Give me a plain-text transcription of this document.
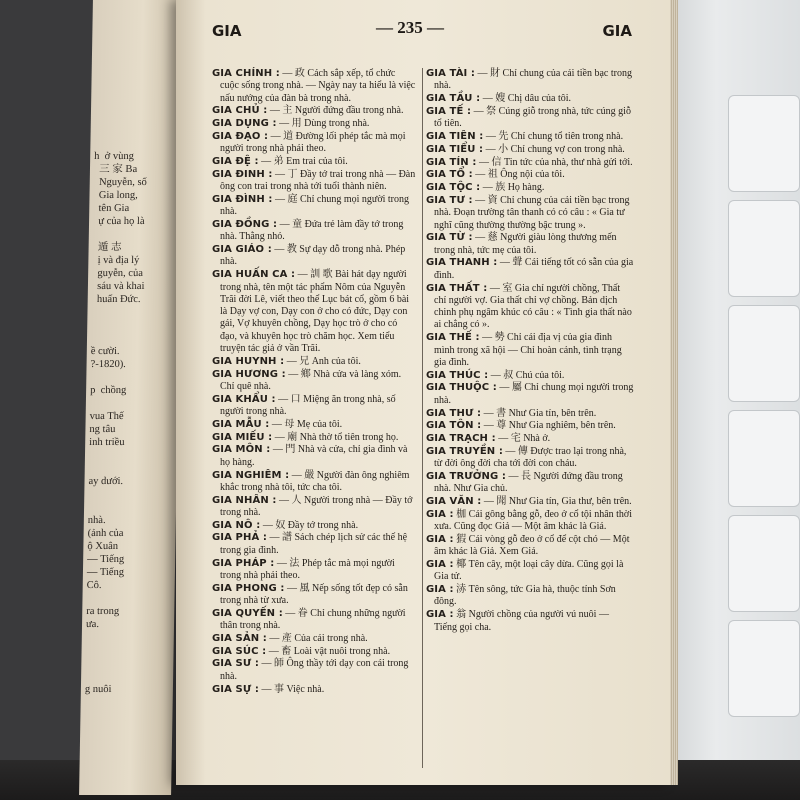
h  ở vùng
三 家 Ba
Nguyễn, số
Gia long,
tên Gia
ự của họ là
遁 志
ị và địa lý
guyễn, của
sáu và khai
huấn Đức.
ề cười.
?-1820).
p  chồng
vua Thế
ng tâu
inh triều
ay dưới.
nhà.
(ảnh của
ộ Xuân
— Tiếng
— Tiếng
Cô.
ra trong
ưa.
g nuôi
GIA	— 235 —	GIA
GIA CHÍNH : — 政 Cách sắp xếp, tổ chức cuộc sống trong nhà. — Ngày nay ta hiểu là việc nấu nướng của đàn bà trong nhà.
GIA CHỦ : — 主 Người đứng đầu trong nhà.
GIA DỤNG : — 用 Dùng trong nhà.
GIA ĐẠO : — 道 Đường lối phép tắc mà mọi người trong nhà phải theo.
GIA ĐỆ : — 弟 Em trai của tôi.
GIA ĐINH : — 丁 Đầy tớ trai trong nhà — Đàn ông con trai trong nhà tới tuổi thành niên.
GIA ĐÌNH : — 庭 Chỉ chung mọi người trong nhà.
GIA ĐỒNG : — 童 Đứa trẻ làm đầy tớ trong nhà. Thằng nhỏ.
GIA GIÁO : — 教 Sự dạy dỗ trong nhà. Phép nhà.
GIA HUẤN CA : — 訓 歌 Bài hát dạy người trong nhà, tên một tác phẩm Nôm của Nguyễn Trãi đời Lê, viết theo thể Lục bát cổ, gồm 6 bài là Dạy vợ con, Dạy con ở cho có đức, Dạy con gái, Vợ khuyên chồng, Dạy học trò ở cho có đạo, và khuyên học trò chăm học. Xem tiểu truyện tác giả ở vần Trãi.
GIA HUYNH : — 兄 Anh của tôi.
GIA HƯƠNG : — 鄉 Nhà cửa và làng xóm. Chỉ quê nhà.
GIA KHẨU : — 口 Miệng ăn trong nhà, số người trong nhà.
GIA MẪU : — 母 Mẹ của tôi.
GIA MIẾU : — 廟 Nhà thờ tổ tiên trong họ.
GIA MÔN : — 門 Nhà và cửa, chỉ gia đình và họ hàng.
GIA NGHIÊM : — 嚴 Người đàn ông nghiêm khắc trong nhà tôi, tức cha tôi.
GIA NHÂN : — 人 Người trong nhà — Đầy tớ trong nhà.
GIA NÔ : — 奴 Đầy tớ trong nhà.
GIA PHẢ : — 譜 Sách chép lịch sử các thế hệ trong gia đình.
GIA PHÁP : — 法 Phép tắc mà mọi người trong nhà phải theo.
GIA PHONG : — 風 Nếp sống tốt đẹp có sẵn trong nhà từ xưa.
GIA QUYẾN : — 眷 Chỉ chung những người thân trong nhà.
GIA SẢN : — 產 Của cải trong nhà.
GIA SÚC : — 畜 Loài vật nuôi trong nhà.
GIA SƯ : — 師 Ông thầy tới dạy con cái trong nhà.
GIA SỰ : — 事 Việc nhà.
GIA TÀI : — 財 Chỉ chung của cải tiền bạc trong nhà.
GIA TẦU : — 嫂 Chị dâu của tôi.
GIA TẾ : — 祭 Cúng giỗ trong nhà, tức cúng giỗ tổ tiên.
GIA TIÊN : — 先 Chỉ chung tổ tiên trong nhà.
GIA TIỂU : — 小 Chỉ chung vợ con trong nhà.
GIA TÍN : — 信 Tin tức của nhà, thư nhà gửi tới.
GIA TỔ : — 祖 Ông nội của tôi.
GIA TỘC : — 族 Họ hàng.
GIA TƯ : — 資 Chỉ chung của cải tiền bạc trong nhà. Đoạn trường tân thanh có có câu : « Gia tư nghĩ cũng thường thường bậc trung ».
GIA TỪ : — 慈 Người giàu lòng thương mến trong nhà, tức mẹ của tôi.
GIA THANH : — 聲 Cái tiếng tốt có sẵn của gia đình.
GIA THẤT : — 室 Gia chỉ người chồng, Thất chỉ người vợ. Gia thất chỉ vợ chồng. Bản dịch chinh phụ ngâm khúc có câu : « Tình gia thất nào ai chẳng có ».
GIA THẾ : — 勢 Chỉ cái địa vị của gia đình mình trong xã hội — Chỉ hoàn cảnh, tình trạng gia đình.
GIA THÚC : — 叔 Chú của tôi.
GIA THUỘC : — 屬 Chỉ chung mọi người trong nhà.
GIA THƯ : — 書 Như Gia tín, bên trên.
GIA TÔN : — 尊 Như Gia nghiêm, bên trên.
GIA TRẠCH : — 宅 Nhà ở.
GIA TRUYỀN : — 傳 Được trao lại trong nhà, từ đời ông đời cha tới đời con cháu.
GIA TRƯỞNG : — 長 Người đứng đầu trong nhà. Như Gia chủ.
GIA VĂN : — 聞 Như Gia tín, Gia thư, bên trên.
GIA : 枷 Cái gông bằng gỗ, đeo ở cổ tội nhân thời xưa. Cũng đọc Giả — Một âm khác là Giá.
GIA : 猳 Cái vòng gỗ đeo ở cổ để cột chó — Một âm khác là Giả. Xem Giả.
GIA : 椰 Tên cây, một loại cây dừa. Cũng gọi là Gia tử.
GIA : 浾 Tên sông, tức Gia hà, thuộc tỉnh Sơn đông.
GIA : 翁 Người chồng của người vú nuôi — Tiếng gọi cha.
